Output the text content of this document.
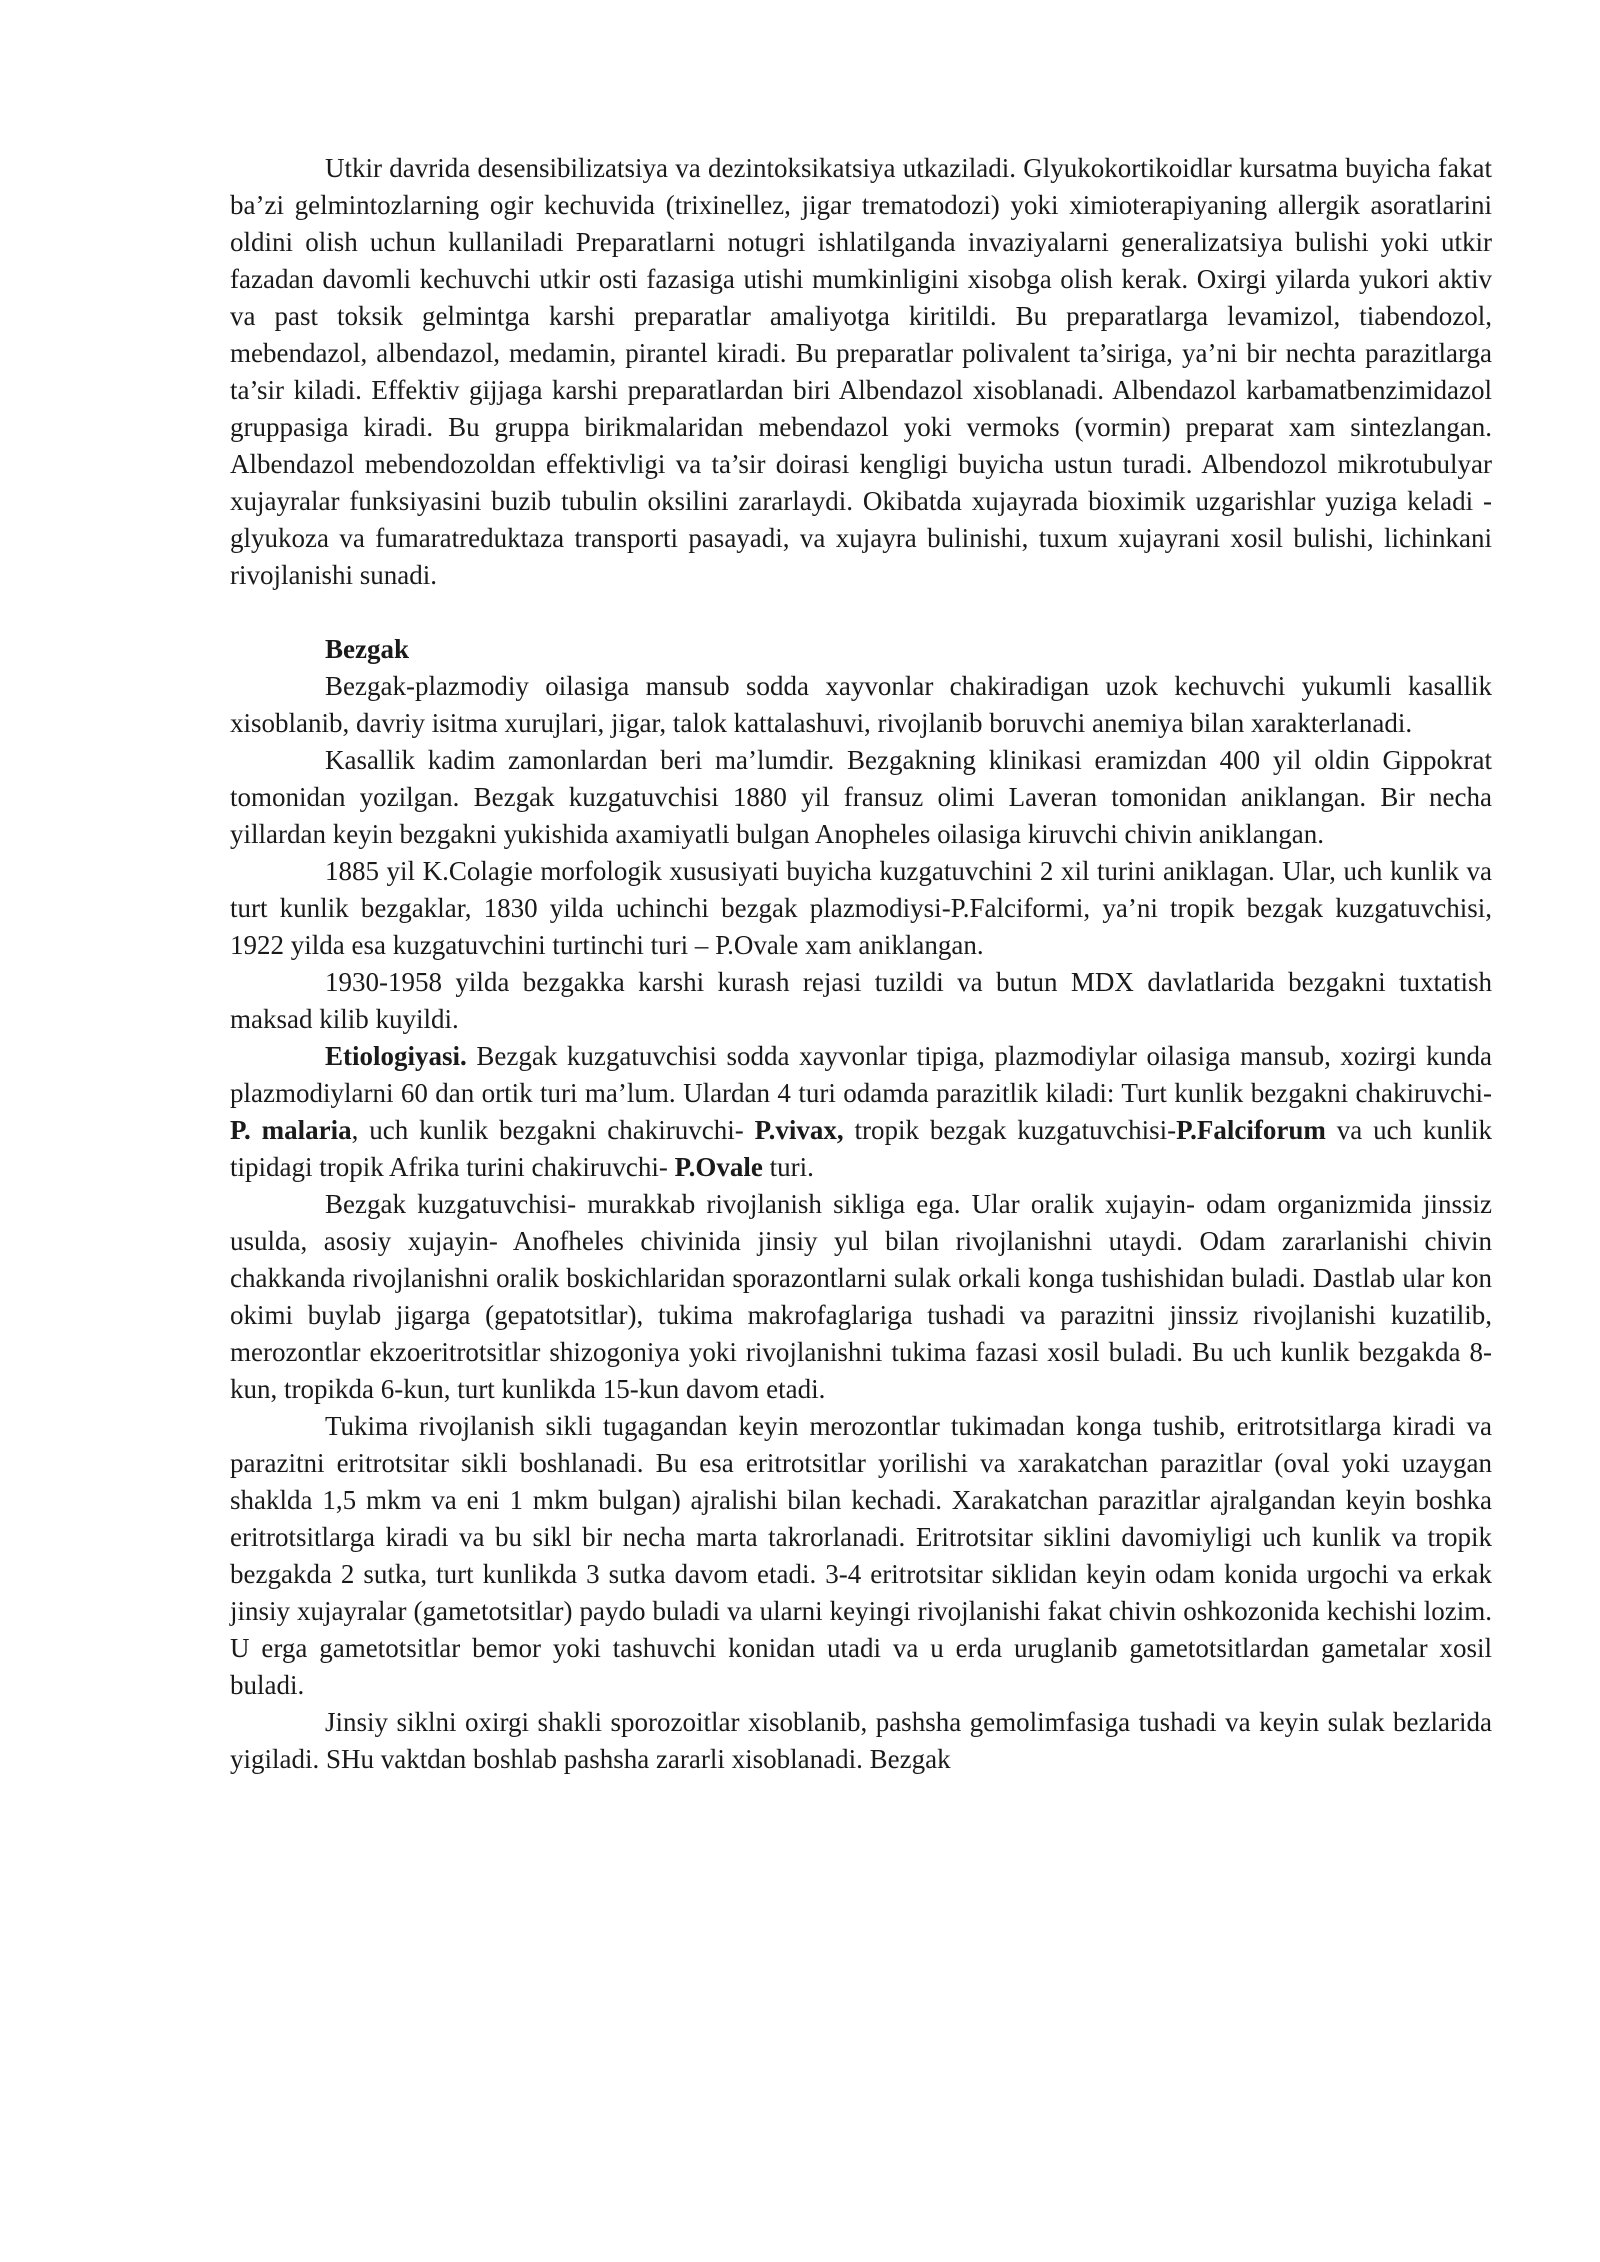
Utkir davrida desensibilizatsiya va dezintoksikatsiya utkaziladi. Glyukokortikoidlar kursatma buyicha fakat ba’zi gelmintozlarning ogir kechuvida (trixinellez, jigar trematodozi) yoki ximioterapiyaning allergik asoratlarini oldini olish uchun kullaniladi Preparatlarni notugri ishlatilganda invaziyalarni generalizatsiya bulishi yoki utkir fazadan davomli kechuvchi utkir osti fazasiga utishi mumkinligini xisobga olish kerak. Oxirgi yilarda yukori aktiv va past toksik gelmintga karshi preparatlar amaliyotga kiritildi. Bu preparatlarga levamizol, tiabendozol, mebendazol, albendazol, medamin, pirantel kiradi. Bu preparatlar polivalent ta’siriga, ya’ni bir nechta parazitlarga ta’sir kiladi. Effektiv gijjaga karshi preparatlardan biri Albendazol xisoblanadi. Albendazol karbamatbenzimidazol gruppasiga kiradi. Bu gruppa birikmalaridan mebendazol yoki vermoks (vormin) preparat xam sintezlangan. Albendazol mebendozoldan effektivligi va ta’sir doirasi kengligi buyicha ustun turadi. Albendozol mikrotubulyar xujayralar funksiyasini buzib tubulin oksilini zararlaydi. Okibatda xujayrada bioximik uzgarishlar yuziga keladi - glyukoza va fumaratreduktaza transporti pasayadi, va xujayra bulinishi, tuxum xujayrani xosil bulishi, lichinkani rivojlanishi sunadi.

Bezgak

Bezgak-plazmodiy oilasiga mansub sodda xayvonlar chakiradigan uzok kechuvchi yukumli kasallik xisoblanib, davriy isitma xurujlari, jigar, talok kattalashuvi, rivojlanib boruvchi anemiya bilan xarakterlanadi.

Kasallik kadim zamonlardan beri ma’lumdir. Bezgakning klinikasi eramizdan 400 yil oldin Gippokrat tomonidan yozilgan. Bezgak kuzgatuvchisi 1880 yil fransuz olimi Laveran tomonidan aniklangan. Bir necha yillardan keyin bezgakni yukishida axamiyatli bulgan Anopheles oilasiga kiruvchi chivin aniklangan.

1885 yil K.Colagie morfologik xususiyati buyicha kuzgatuvchini 2 xil turini aniklagan. Ular, uch kunlik va turt kunlik bezgaklar, 1830 yilda uchinchi bezgak plazmodiysi-P.Falciformi, ya’ni tropik bezgak kuzgatuvchisi, 1922 yilda esa kuzgatuvchini turtinchi turi – P.Ovale xam aniklangan.

1930-1958 yilda bezgakka karshi kurash rejasi tuzildi va butun MDX davlatlarida bezgakni tuxtatish maksad kilib kuyildi.

Etiologiyasi. Bezgak kuzgatuvchisi sodda xayvonlar tipiga, plazmodiylar oilasiga mansub, xozirgi kunda plazmodiylarni 60 dan ortik turi ma’lum. Ulardan 4 turi odamda parazitlik kiladi: Turt kunlik bezgakni chakiruvchi- P. malaria, uch kunlik bezgakni chakiruvchi- P.vivax, tropik bezgak kuzgatuvchisi-P.Falciforum va uch kunlik tipidagi tropik Afrika turini chakiruvchi- P.Ovale turi.

Bezgak kuzgatuvchisi- murakkab rivojlanish sikliga ega. Ular oralik xujayin- odam organizmida jinssiz usulda, asosiy xujayin- Anofheles chivinida jinsiy yul bilan rivojlanishni utaydi. Odam zararlanishi chivin chakkanda rivojlanishni oralik boskichlaridan sporazontlarni sulak orkali konga tushishidan buladi. Dastlab ular kon okimi buylab jigarga (gepatotsitlar), tukima makrofaglariga tushadi va parazitni jinssiz rivojlanishi kuzatilib, merozontlar ekzoeritrotsitlar shizogoniya yoki rivojlanishni tukima fazasi xosil buladi. Bu uch kunlik bezgakda 8-kun, tropikda 6-kun, turt kunlikda 15-kun davom etadi.

Tukima rivojlanish sikli tugagandan keyin merozontlar tukimadan konga tushib, eritrotsitlarga kiradi va parazitni eritrotsitar sikli boshlanadi. Bu esa eritrotsitlar yorilishi va xarakatchan parazitlar (oval yoki uzaygan shaklda 1,5 mkm va eni 1 mkm bulgan) ajralishi bilan kechadi. Xarakatchan parazitlar ajralgandan keyin boshka eritrotsitlarga kiradi va bu sikl bir necha marta takrorlanadi. Eritrotsitar siklini davomiyligi uch kunlik va tropik bezgakda 2 sutka, turt kunlikda 3 sutka davom etadi. 3-4 eritrotsitar siklidan keyin odam konida urgochi va erkak jinsiy xujayralar (gametotsitlar) paydo buladi va ularni keyingi rivojlanishi fakat chivin oshkozonida kechishi lozim. U erga gametotsitlar bemor yoki tashuvchi konidan utadi va u erda uruglanib gametotsitlardan gametalar xosil buladi.

Jinsiy siklni oxirgi shakli sporozoitlar xisoblanib, pashsha gemolimfasiga tushadi va keyin sulak bezlarida yigiladi. SHu vaktdan boshlab pashsha zararli xisoblanadi. Bezgak
